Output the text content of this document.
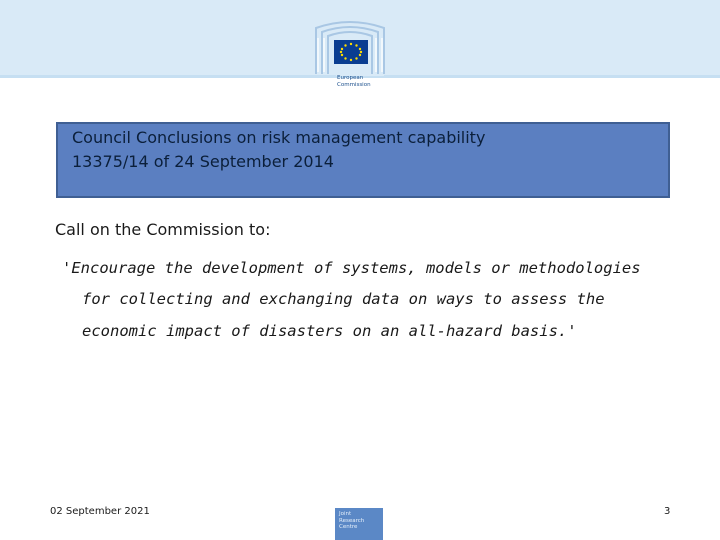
European
Commission
Council Conclusions on risk management capability
13375/14 of 24 September 2014
Call on the Commission to:
'Encourage the development of systems, models or methodologies
for collecting and exchanging data on ways to assess the
economic impact of disasters on an all-hazard basis.'
02 September 2021	Joint
Research
Centre
3
